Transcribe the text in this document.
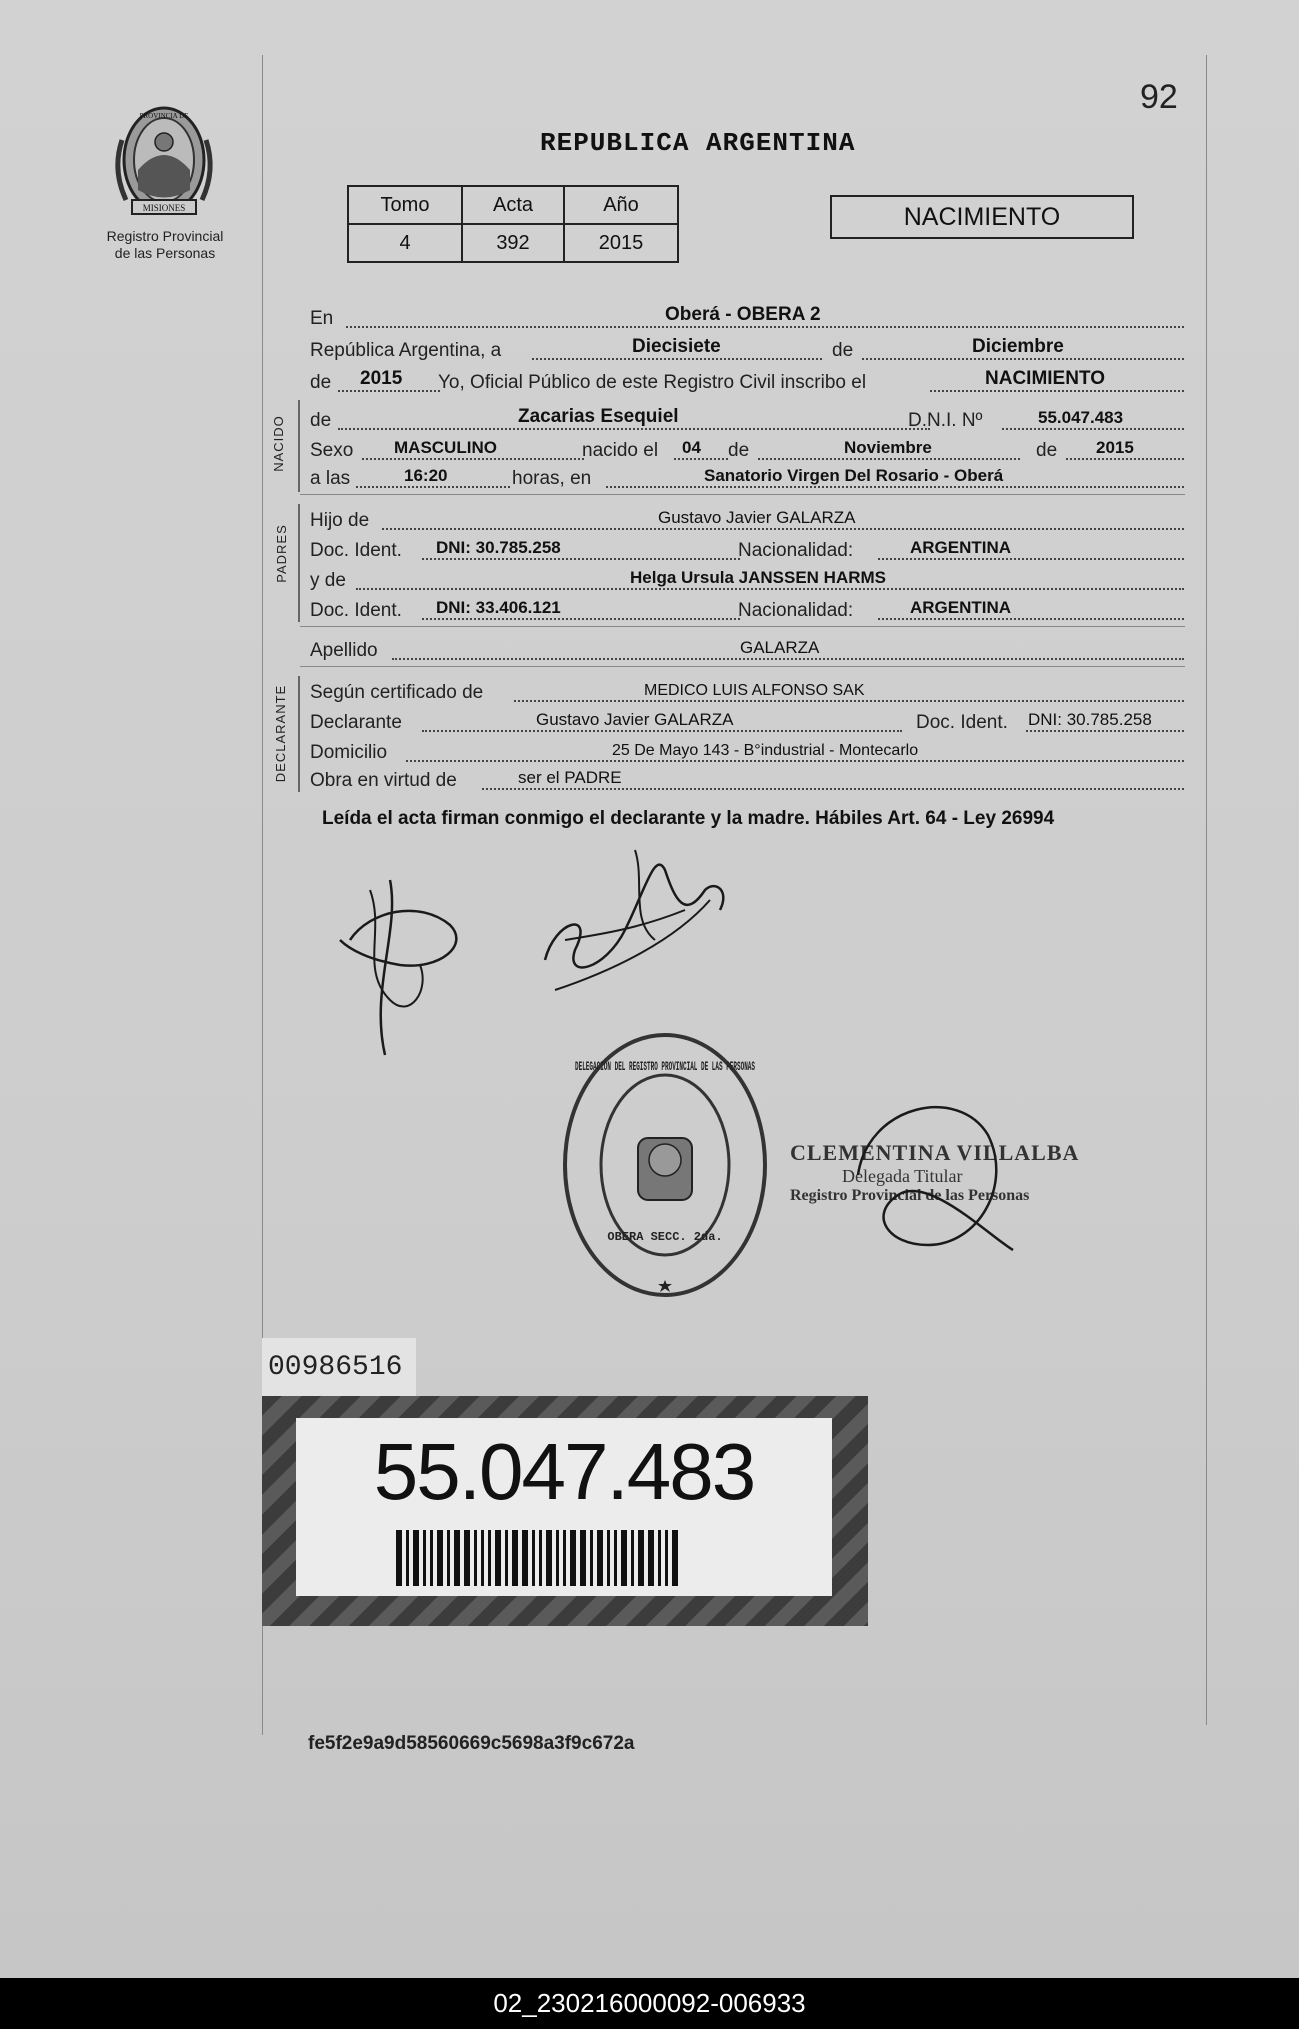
92
MISIONES
PROVINCIA DE
Registro Provincial
de las Personas
REPUBLICA ARGENTINA
Tomo	Acta	Año
4	392	2015
NACIMIENTO
En	Oberá - OBERA 2
República Argentina, a	Diecisiete	de	Diciembre
de 2015 Yo, Oficial Público de este Registro Civil inscribo el	NACIMIENTO
NACIDO de	Zacarias Esequiel	D.N.I. Nº	55.047.483
Sexo MASCULINO	nacido el 04 de	Noviembre	de 2015
a las	16:20	horas, en	Sanatorio Virgen Del Rosario - Oberá
PADRES
Hijo de	Gustavo Javier GALARZA
Doc. Ident. DNI: 30.785.258	Nacionalidad:	ARGENTINA
y de	Helga Ursula JANSSEN HARMS
Doc. Ident. DNI: 33.406.121	Nacionalidad:	ARGENTINA
Apellido	GALARZA
DECLARANTE Según certificado de	MEDICO LUIS ALFONSO SAK
Declarante	Gustavo Javier GALARZA	Doc. Ident. DNI: 30.785.258
Domicilio	25 De Mayo 143 - B°industrial - Montecarlo
Obra en virtud de	ser el PADRE
Leída el acta firman conmigo el declarante y la madre. Hábiles Art. 64 - Ley 26994
DELEGACION DEL REGISTRO PROVINCIAL DE LAS PERSONAS
OBERA SECC. 2da.
CLEMENTINA VILLALBA
Delegada Titular
Registro Provincial de las Personas
00986516
55.047.483
fe5f2e9a9d58560669c5698a3f9c672a
02_230216000092-006933
